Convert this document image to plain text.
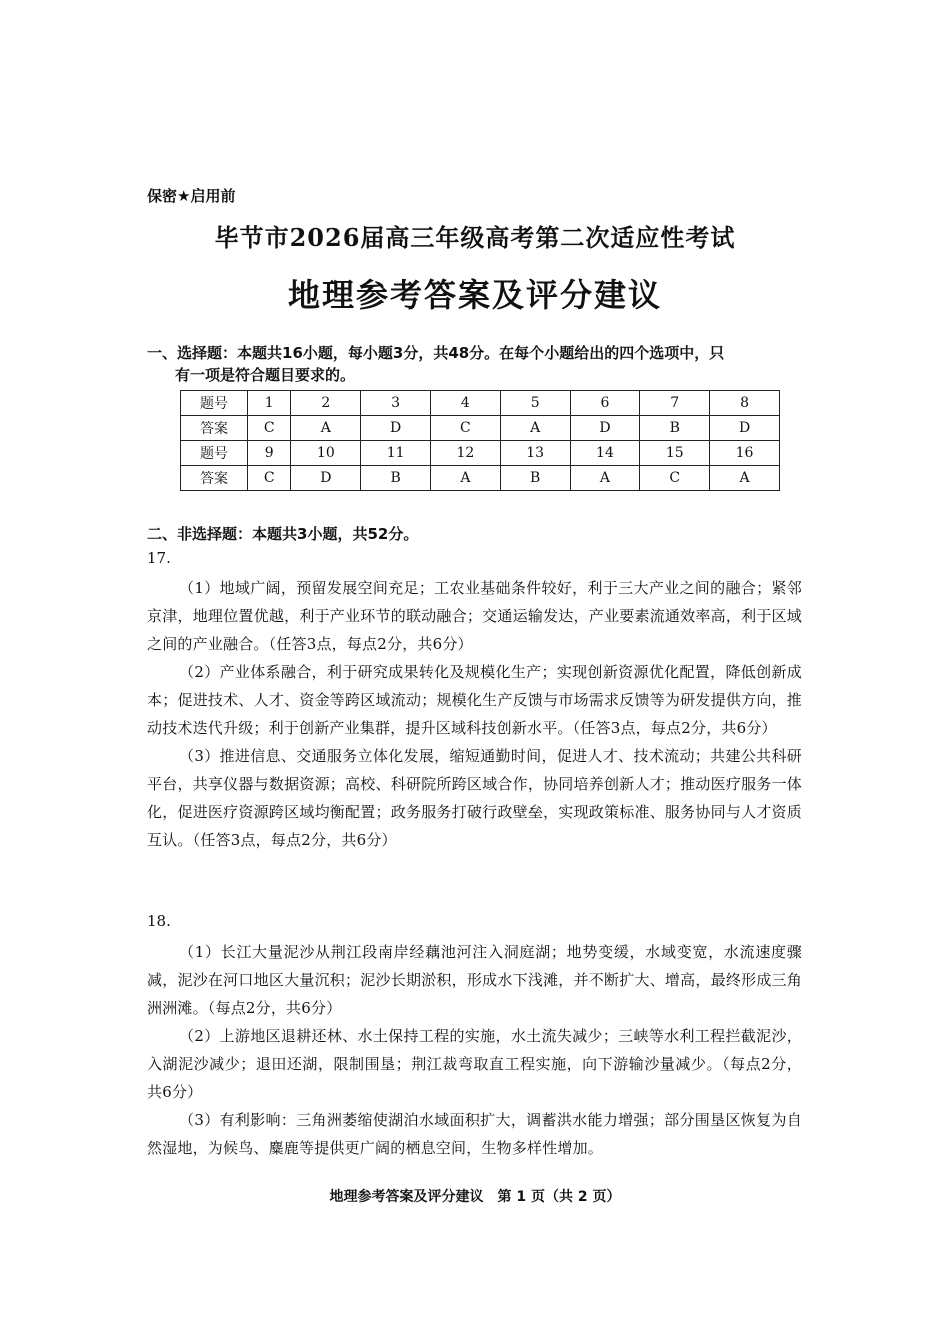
保密★启用前
毕节市2026届高三年级高考第二次适应性考试
地理参考答案及评分建议
一、选择题：本题共16小题，每小题3分，共48分。在每个小题给出的四个选项中，只
有一项是符合题目要求的。
题号	1	2	3	4	5	6	7	8
答案	C	A	D	C	A	D	B	D
题号	9	10	11	12	13	14	15	16
答案	C	D	B	A	B	A	C	A
二、非选择题：本题共3小题，共52分。
17.

（1）地域广阔，预留发展空间充足；工农业基础条件较好，利于三大产业之间的融合；紧邻京津，地理位置优越，利于产业环节的联动融合；交通运输发达，产业要素流通效率高，利于区域之间的产业融合。（任答3点，每点2分，共6分）

（2）产业体系融合，利于研究成果转化及规模化生产；实现创新资源优化配置，降低创新成本；促进技术、人才、资金等跨区域流动；规模化生产反馈与市场需求反馈等为研发提供方向，推动技术迭代升级；利于创新产业集群，提升区域科技创新水平。（任答3点，每点2分，共6分）

（3）推进信息、交通服务立体化发展，缩短通勤时间，促进人才、技术流动；共建公共科研平台，共享仪器与数据资源；高校、科研院所跨区域合作，协同培养创新人才；推动医疗服务一体化，促进医疗资源跨区域均衡配置；政务服务打破行政壁垒，实现政策标准、服务协同与人才资质互认。（任答3点，每点2分，共6分）

18.

（1）长江大量泥沙从荆江段南岸经藕池河注入洞庭湖；地势变缓，水域变宽，水流速度骤减，泥沙在河口地区大量沉积；泥沙长期淤积，形成水下浅滩，并不断扩大、增高，最终形成三角洲洲滩。（每点2分，共6分）

（2）上游地区退耕还林、水土保持工程的实施，水土流失减少；三峡等水利工程拦截泥沙，入湖泥沙减少；退田还湖，限制围垦；荆江裁弯取直工程实施，向下游输沙量减少。（每点2分，共6分）

（3）有利影响：三角洲萎缩使湖泊水域面积扩大，调蓄洪水能力增强；部分围垦区恢复为自然湿地，为候鸟、麋鹿等提供更广阔的栖息空间，生物多样性增加。

地理参考答案及评分建议　第 1 页（共 2 页）
